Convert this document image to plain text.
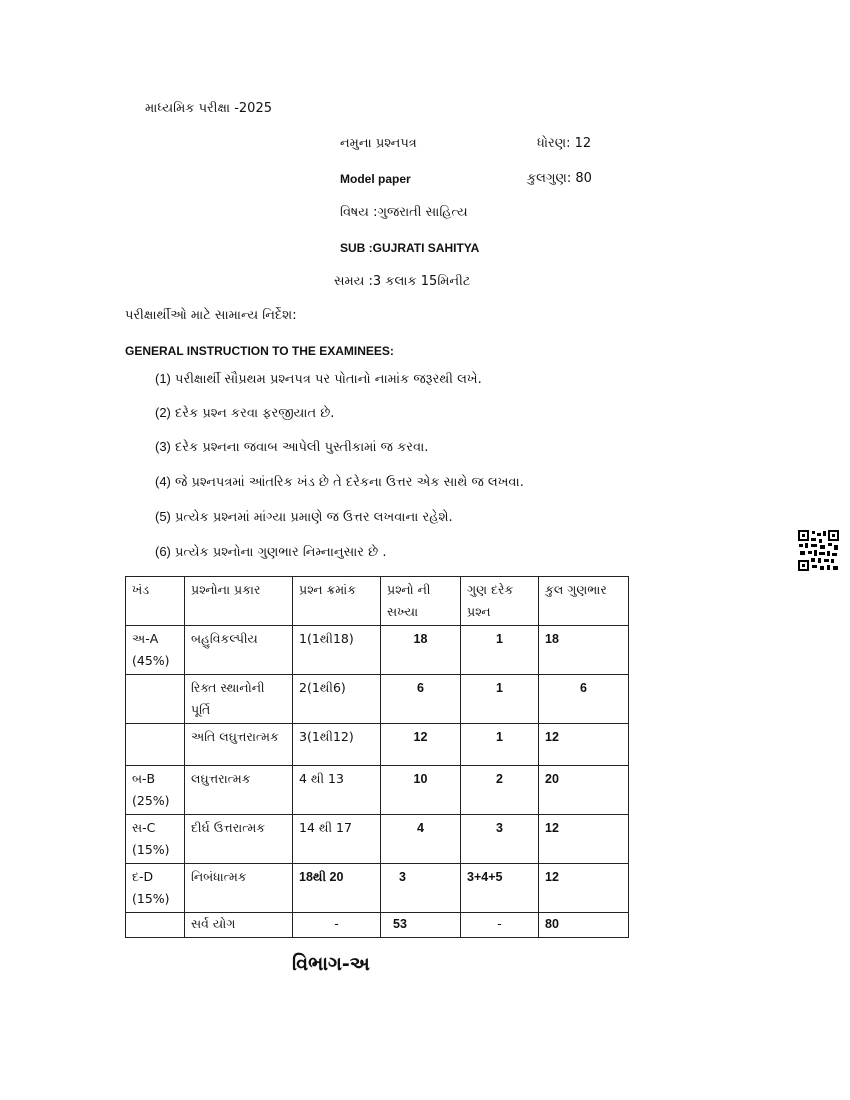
માધ્યમિક પરીક્ષા -2025
નમુના પ્રશ્નપત્ર	ધોરણ: 12
Model paper	કુલગુણ: 80
વિષય :ગુજરાતી સાહિત્ય
SUB :GUJRATI SAHITYA
સમય :3 કલાક 15મિનીટ
પરીક્ષાર્થીઓ માટે સામાન્ય નિર્દેશ:
GENERAL INSTRUCTION TO THE EXAMINEES:
(1) પરીક્ષાર્થી સૌપ્રથમ પ્રશ્નપત્ર પર પોતાનો નામાંક જરૂરથી લખે.
(2) દરેક પ્રશ્ન કરવા ફરજીયાત છે.
(3) દરેક પ્રશ્નના જવાબ આપેલી પુસ્તીકામાં જ કરવા.
(4) જે પ્રશ્નપત્રમાં આંતરિક ખંડ છે તે દરેકના ઉત્તર એક સાથે જ લખવા.
(5) પ્રત્યેક પ્રશ્નમાં માંગ્યા પ્રમાણે જ ઉત્તર લખવાના રહેશે.
(6) પ્રત્યેક પ્રશ્નોના ગુણભાર નિમ્નાનુસાર છે .
ખંડ	પ્રશ્નોના પ્રકાર	પ્રશ્ન ક્રમાંક	પ્રશ્નો ની સખ્યા	ગુણ દરેક પ્રશ્ન	કુલ ગુણભાર
અ-A (45%)	બહુવિકલ્પીય	1(1થી18)	18	1	18
	રિક્ત સ્થાનોની પૂર્તિ	2(1થી6)	6	1	6
	અતિ લઘુત્તરાત્મક	3(1થી12)	12	1	12
બ-B (25%)	લઘુત્તરાત્મક	4 થી 13	10	2	20
સ-C (15%)	દીર્ઘ ઉત્તરાત્મક	14 થી 17	4	3	12
દ-D (15%)	નિબંધાત્મક	18થી 20	3	3+4+5	12
	સર્વ યોગ	-	53	-	80
વિભાગ-અ
